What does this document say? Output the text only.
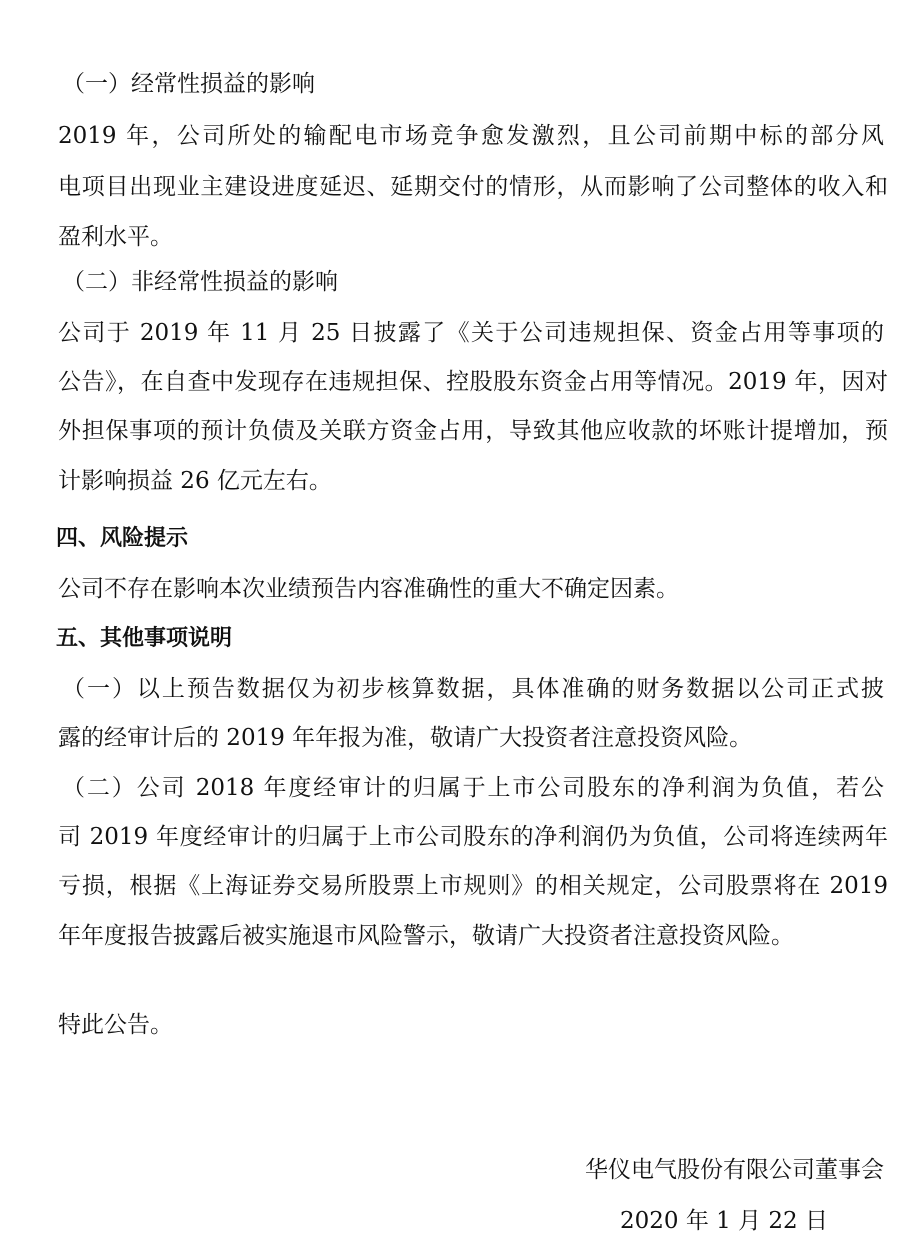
（一）经常性损益的影响
2019 年，公司所处的输配电市场竞争愈发激烈，且公司前期中标的部分风
电项目出现业主建设进度延迟、延期交付的情形，从而影响了公司整体的收入和
盈利水平。
（二）非经常性损益的影响
公司于 2019 年 11 月 25 日披露了《关于公司违规担保、资金占用等事项的
公告》，在自查中发现存在违规担保、控股股东资金占用等情况。2019 年，因对
外担保事项的预计负债及关联方资金占用，导致其他应收款的坏账计提增加，预
计影响损益 26 亿元左右。
四、风险提示
公司不存在影响本次业绩预告内容准确性的重大不确定因素。
五、其他事项说明
（一）以上预告数据仅为初步核算数据，具体准确的财务数据以公司正式披
露的经审计后的 2019 年年报为准，敬请广大投资者注意投资风险。
（二）公司 2018 年度经审计的归属于上市公司股东的净利润为负值，若公
司 2019 年度经审计的归属于上市公司股东的净利润仍为负值，公司将连续两年
亏损，根据《上海证券交易所股票上市规则》的相关规定，公司股票将在 2019
年年度报告披露后被实施退市风险警示，敬请广大投资者注意投资风险。
特此公告。
华仪电气股份有限公司董事会
2020 年 1 月 22 日
